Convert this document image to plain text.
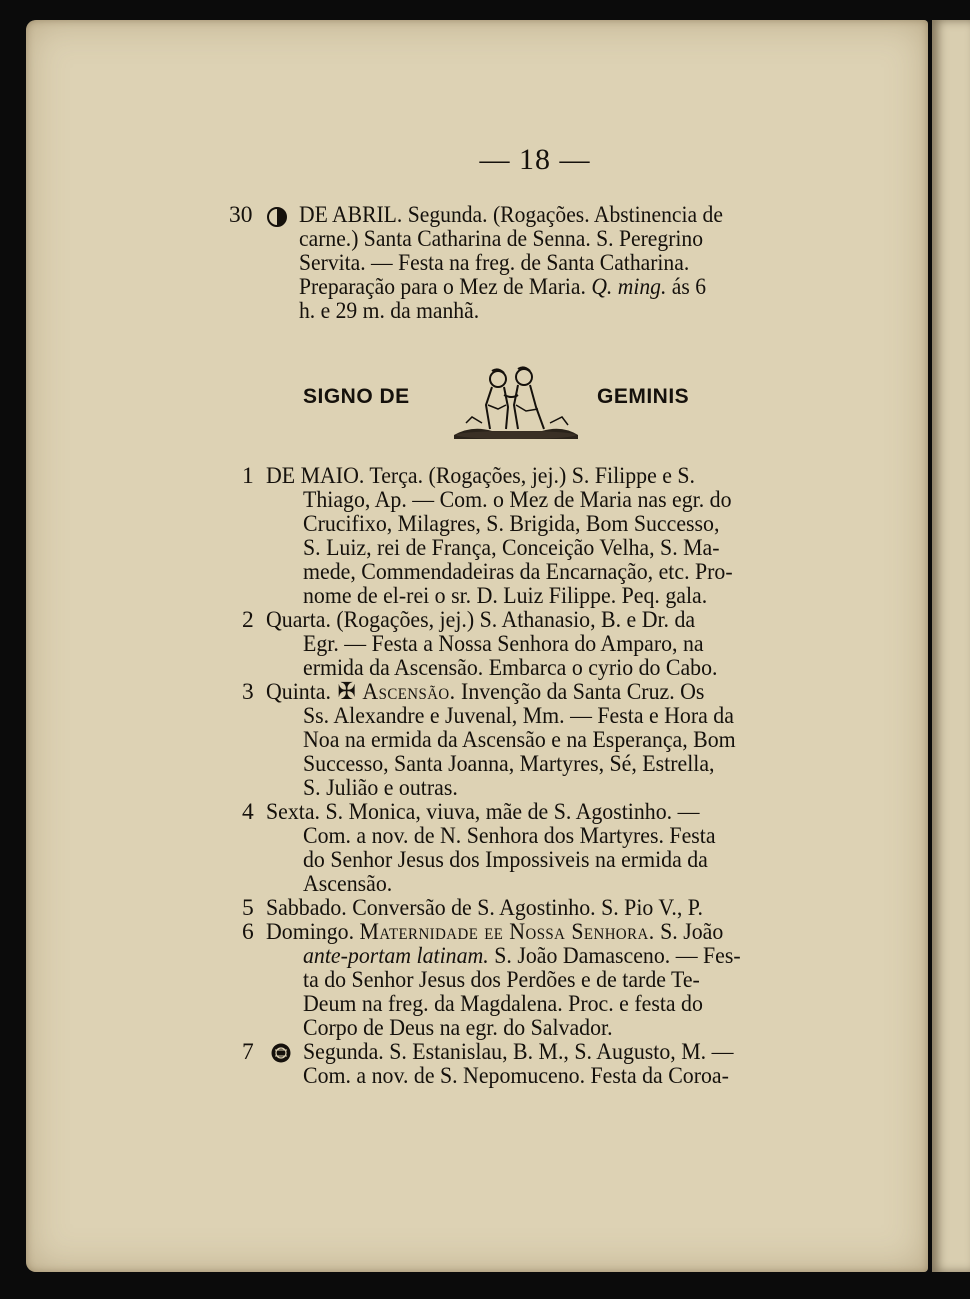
— 18 —
30 DE ABRIL. Segunda. (Rogações. Abstinencia de
carne.) Santa Catharina de Senna. S. Peregrino
Servita. — Festa na freg. de Santa Catharina.
Preparação para o Mez de Maria. Q. ming. ás 6
h. e 29 m. da manhã.
SIGNO DE	GEMINIS
1 DE MAIO. Terça. (Rogações, jej.) S. Filippe e S.
Thiago, Ap. — Com. o Mez de Maria nas egr. do
Crucifixo, Milagres, S. Brigida, Bom Successo,
S. Luiz, rei de França, Conceição Velha, S. Ma-
mede, Commendadeiras da Encarnação, etc. Pro-
nome de el-rei o sr. D. Luiz Filippe. Peq. gala.
2 Quarta. (Rogações, jej.) S. Athanasio, B. e Dr. da
Egr. — Festa a Nossa Senhora do Amparo, na
ermida da Ascensão. Embarca o cyrio do Cabo.
3 Quinta. ✠ Ascensão. Invenção da Santa Cruz. Os
Ss. Alexandre e Juvenal, Mm. — Festa e Hora da
Noa na ermida da Ascensão e na Esperança, Bom
Successo, Santa Joanna, Martyres, Sé, Estrella,
S. Julião e outras.
4 Sexta. S. Monica, viuva, mãe de S. Agostinho. —
Com. a nov. de N. Senhora dos Martyres. Festa
do Senhor Jesus dos Impossiveis na ermida da
Ascensão.
5 Sabbado. Conversão de S. Agostinho. S. Pio V., P.
6 Domingo. Maternidade ee Nossa Senhora. S. João
ante-portam latinam. S. João Damasceno. — Fes-
ta do Senhor Jesus dos Perdões e de tarde Te-
Deum na freg. da Magdalena. Proc. e festa do
Corpo de Deus na egr. do Salvador.
7 Segunda. S. Estanislau, B. M., S. Augusto, M. —
Com. a nov. de S. Nepomuceno. Festa da Coroa-
